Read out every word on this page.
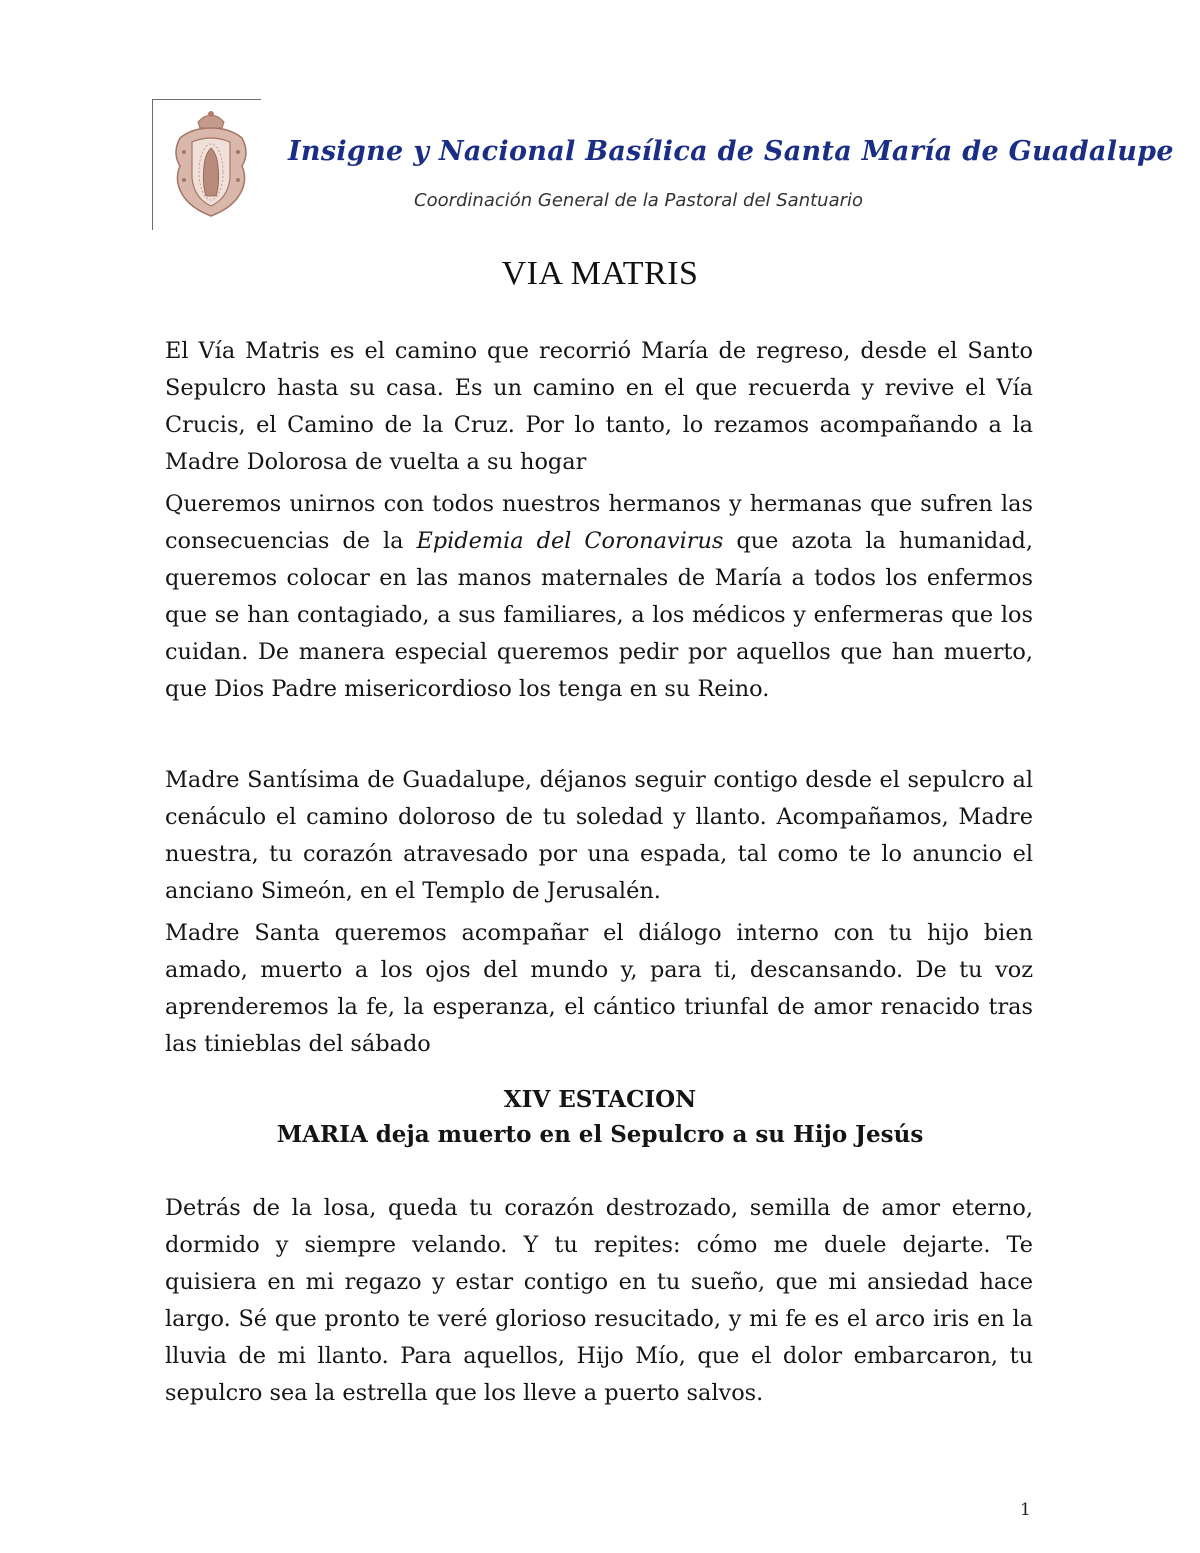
Insigne y Nacional Basílica de Santa María de Guadalupe
Coordinación General de la Pastoral del Santuario
VIA MATRIS

El Vía Matris es el camino que recorrió María de regreso, desde el Santo Sepulcro hasta su casa. Es un camino en el que recuerda y revive el Vía Crucis, el Camino de la Cruz. Por lo tanto, lo rezamos acompañando a la Madre Dolorosa de vuelta a su hogar

Queremos unirnos con todos nuestros hermanos y hermanas que sufren las consecuencias de la Epidemia del Coronavirus que azota la humanidad, queremos colocar en las manos maternales de María a todos los enfermos que se han contagiado, a sus familiares, a los médicos y enfermeras que los cuidan. De manera especial queremos pedir por aquellos que han muerto, que Dios Padre misericordioso los tenga en su Reino.

Madre Santísima de Guadalupe, déjanos seguir contigo desde el sepulcro al cenáculo el camino doloroso de tu soledad y llanto. Acompañamos, Madre nuestra, tu corazón atravesado por una espada, tal como te lo anuncio el anciano Simeón, en el Templo de Jerusalén.

Madre Santa queremos acompañar el diálogo interno con tu hijo bien amado, muerto a los ojos del mundo y, para ti, descansando. De tu voz aprenderemos la fe, la esperanza, el cántico triunfal de amor renacido tras las tinieblas del sábado

XIV ESTACION
MARIA deja muerto en el Sepulcro a su Hijo Jesús

Detrás de la losa, queda tu corazón destrozado, semilla de amor eterno, dormido y siempre velando. Y tu repites: cómo me duele dejarte. Te quisiera en mi regazo y estar contigo en tu sueño, que mi ansiedad hace largo. Sé que pronto te veré glorioso resucitado, y mi fe es el arco iris en la lluvia de mi llanto. Para aquellos, Hijo Mío, que el dolor embarcaron, tu sepulcro sea la estrella que los lleve a puerto salvos.

1
